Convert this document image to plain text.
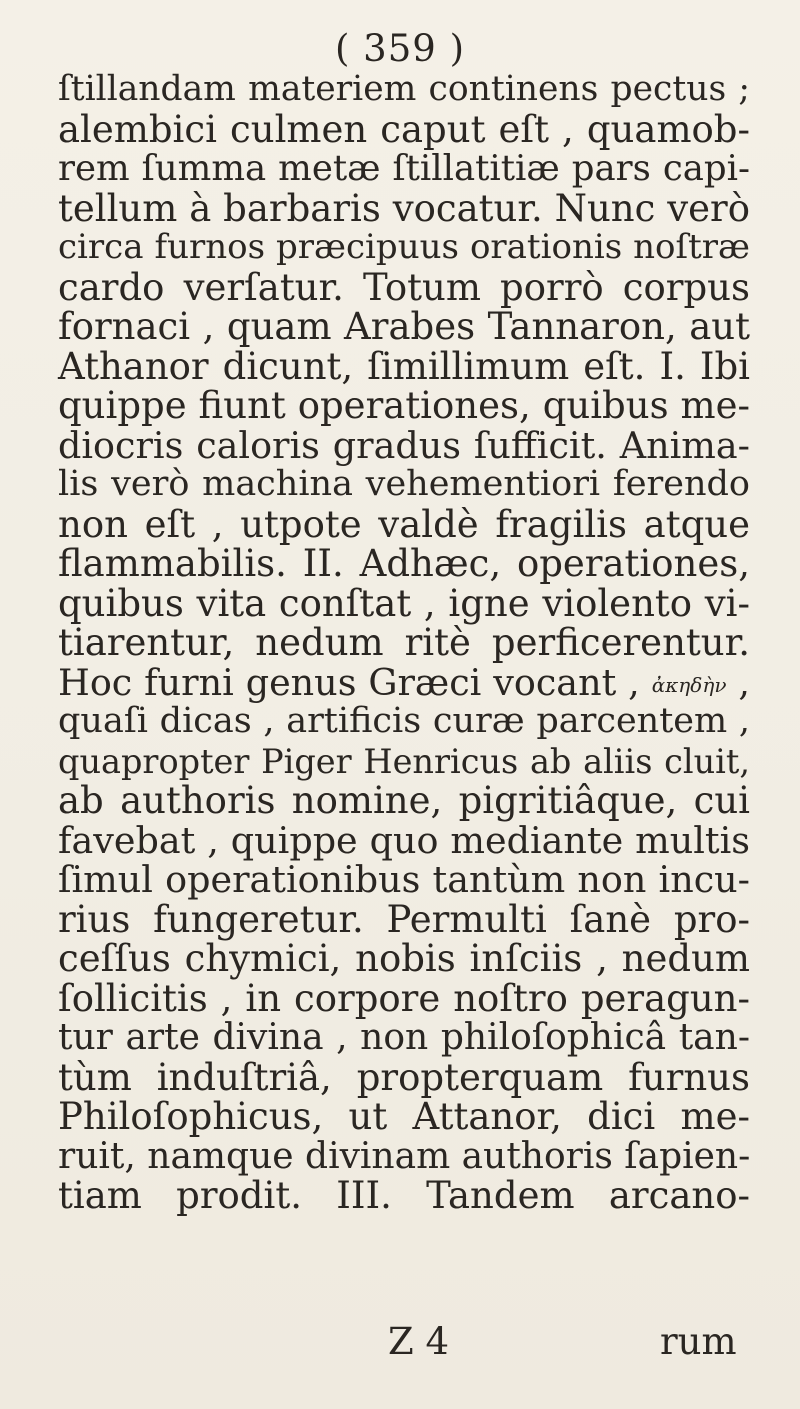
( 359 )
ſtillandam materiem continens pectus ;
alembici culmen caput eſt , quamob-
rem ſumma metæ ſtillatitiæ pars capi-
tellum à barbaris vocatur. Nunc verò
circa furnos præcipuus orationis noſtræ
cardo verſatur. Totum porrò corpus
fornaci , quam Arabes Tannaron, aut
Athanor dicunt, ſimillimum eſt. I. Ibi
quippe fiunt operationes, quibus me-
diocris caloris gradus ſufficit. Anima-
lis verò machina vehementiori ferendo
non eſt , utpote valdè fragilis atque
flammabilis. II. Adhæc, operationes,
quibus vita conſtat , igne violento vi-
tiarentur, nedum ritè perficerentur.
Hoc furni genus Græci vocant , ἀκηδὴν ,
quaſi dicas , artificis curæ parcentem ,
quapropter Piger Henricus ab aliis cluit,
ab authoris nomine, pigritiâque, cui
favebat , quippe quo mediante multis
ſimul operationibus tantùm non incu-
rius fungeretur. Permulti ſanè pro-
ceſſus chymici, nobis inſciis , nedum
ſollicitis , in corpore noſtro peragun-
tur arte divina , non philoſophicâ tan-
tùm induſtriâ, propterquam furnus
Philoſophicus, ut Attanor, dici me-
ruit, namque divinam authoris ſapien-
tiam prodit. III. Tandem arcano-
Z 4	rum
